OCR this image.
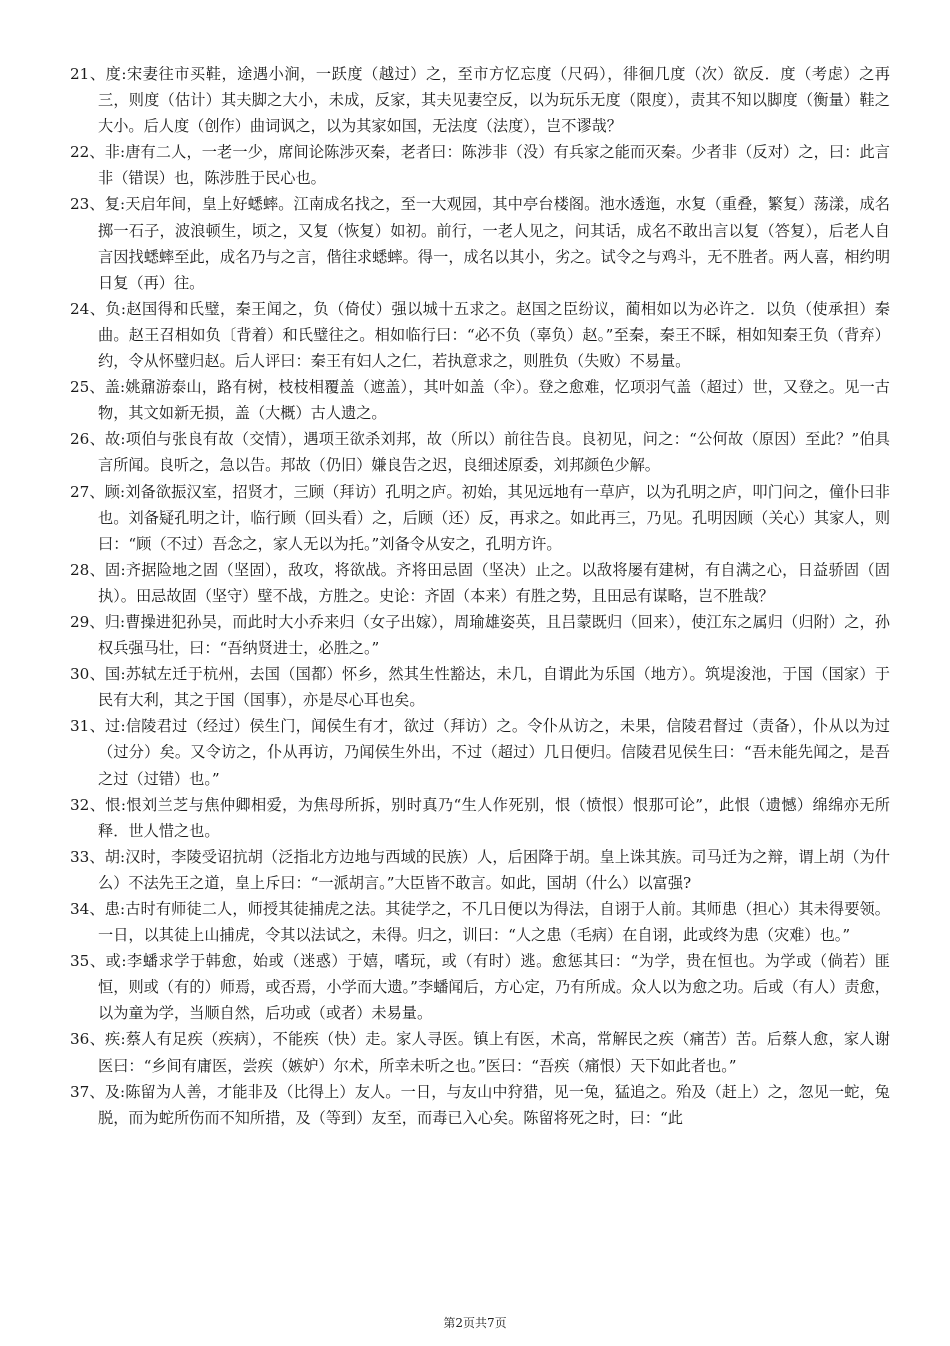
21、度:宋妻往市买鞋，途遇小涧，一跃度（越过）之，至市方忆忘度（尺码），徘徊几度（次）欲反．度（考虑）之再三，则度（估计）其夫脚之大小，未成，反家，其夫见妻空反，以为玩乐无度（限度），责其不知以脚度（衡量）鞋之大小。后人度（创作）曲词讽之，以为其家如国，无法度（法度），岂不谬哉？

22、非:唐有二人，一老一少，席间论陈涉灭秦，老者曰：陈涉非（没）有兵家之能而灭秦。少者非（反对）之，曰：此言非（错误）也，陈涉胜于民心也。

23、复:天启年间，皇上好蟋蟀。江南成名找之，至一大观园，其中亭台楼阁。池水透迤，水复（重叠，繁复）荡漾，成名掷一石子，波浪顿生，顷之，又复（恢复）如初。前行，一老人见之，问其话，成名不敢出言以复（答复），后老人自言因找蟋蟀至此，成名乃与之言，偕往求蟋蟀。得一，成名以其小，劣之。试令之与鸡斗，无不胜者。两人喜，相约明日复（再）往。

24、负:赵国得和氏璧，秦王闻之，负（倚仗）强以城十五求之。赵国之臣纷议，蔺相如以为必许之．以负（使承担）秦曲。赵王召相如负〔背着）和氏璧往之。相如临行曰：“必不负（辜负）赵。”至秦，秦王不睬，相如知秦王负（背弃）约，令从怀璧归赵。后人评曰：秦王有妇人之仁，若执意求之，则胜负（失败）不易量。

25、盖:姚鼐游泰山，路有树，枝枝相覆盖（遮盖），其叶如盖（伞）。登之愈难，忆项羽气盖（超过）世，又登之。见一古物，其文如新无损，盖（大概）古人遗之。

26、故:项伯与张良有故（交情），遇项王欲杀刘邦，故（所以）前往告良。良初见，问之：“公何故（原因）至此？”伯具言所闻。良听之，急以告。邦故（仍旧）嫌良告之迟，良细述原委，刘邦颜色少解。

27、顾:刘备欲振汉室，招贤才，三顾（拜访）孔明之庐。初始，其见远地有一草庐，以为孔明之庐，叩门问之，僮仆曰非也。刘备疑孔明之计，临行顾（回头看）之，后顾（还）反，再求之。如此再三，乃见。孔明因顾（关心）其家人，则曰：“顾（不过）吾念之，家人无以为托。”刘备令从安之，孔明方许。

28、固:齐据险地之固（坚固），敌攻，将欲战。齐将田忌固（坚决）止之。以敌将屡有建树，有自满之心，日益骄固（固执）。田忌故固（坚守）壁不战，方胜之。史论：齐固（本来）有胜之势，且田忌有谋略，岂不胜哉？

29、归:曹操进犯孙吴，而此时大小乔来归（女子出嫁），周瑜雄姿英，且吕蒙既归（回来），使江东之属归（归附）之，孙权兵强马壮，曰：“吾纳贤进士，必胜之。”

30、国:苏轼左迁于杭州，去国（国都）怀乡，然其生性豁达，未几，自谓此为乐国（地方）。筑堤浚池，于国（国家）于民有大利，其之于国（国事），亦是尽心耳也矣。

31、过:信陵君过（经过）侯生门，闻侯生有才，欲过（拜访）之。令仆从访之，未果，信陵君督过（责备），仆从以为过（过分）矣。又令访之，仆从再访，乃闻侯生外出，不过（超过）几日便归。信陵君见侯生曰：“吾未能先闻之，是吾之过（过错）也。”

32、恨:恨刘兰芝与焦仲卿相爱，为焦母所拆，别时真乃“生人作死别，恨（愤恨）恨那可论”，此恨（遗憾）绵绵亦无所释．世人惜之也。

33、胡:汉时，李陵受诏抗胡（泛指北方边地与西域的民族）人，后困降于胡。皇上诛其族。司马迁为之辩，谓上胡（为什么）不法先王之道，皇上斥曰：“一派胡言。”大臣皆不敢言。如此，国胡（什么）以富强?

34、患:古时有师徒二人，师授其徒捕虎之法。其徒学之，不几日便以为得法，自诩于人前。其师患（担心）其未得要领。一日，以其徒上山捕虎，令其以法试之，未得。归之，训曰：“人之患（毛病）在自诩，此或终为患（灾难）也。”

35、或:李蟠求学于韩愈，始或（迷惑）于嬉，嗜玩，或（有时）逃。愈惩其曰：“为学，贵在恒也。为学或（倘若）匪恒，则或（有的）师焉，或否焉，小学而大遗。”李蟠闻后，方心定，乃有所成。众人以为愈之功。后或（有人）责愈，以为童为学，当顺自然，后功或（或者）未易量。

36、疾:蔡人有足疾（疾病），不能疾（快）走。家人寻医。镇上有医，术高，常解民之疾（痛苦）苦。后蔡人愈，家人谢医曰：“乡间有庸医，尝疾（嫉妒）尔术，所幸未听之也。”医曰：“吾疾（痛恨）天下如此者也。”

37、及:陈留为人善，才能非及（比得上）友人。一日，与友山中狩猎，见一兔，猛追之。殆及（赶上）之，忽见一蛇，兔脱，而为蛇所伤而不知所措，及（等到）友至，而毒已入心矣。陈留将死之时，曰：“此

第2页共7页
